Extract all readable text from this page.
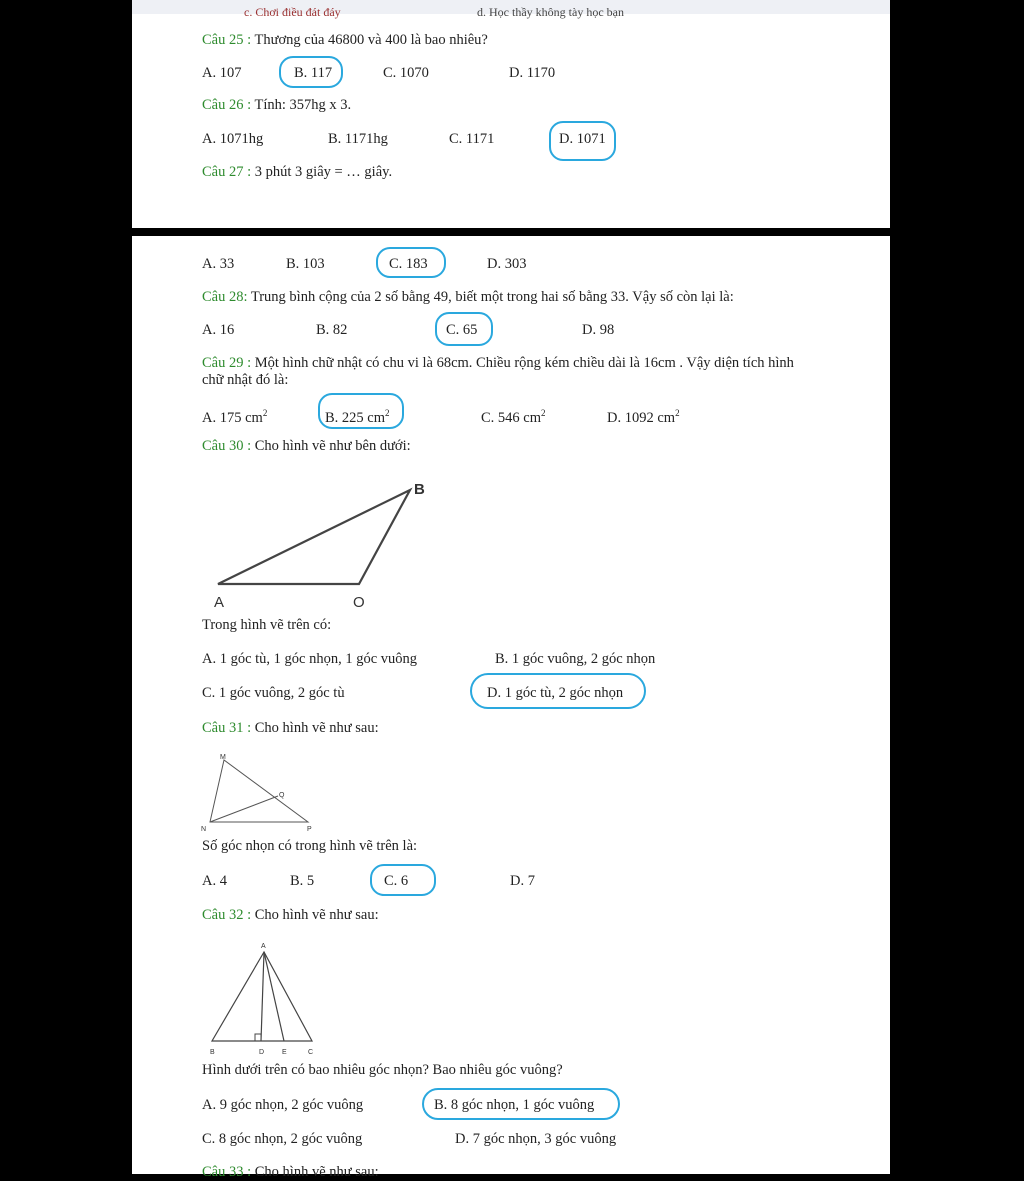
c. Chơi điều đát đáy	d. Học thầy không tày học bạn
Câu 25 : Thương của 46800 và 400 là bao nhiêu?
A. 107	B. 117	C. 1070	D. 1170
Câu 26 : Tính: 357hg x 3.
A. 1071hg	B. 1171hg	C. 1171	D. 1071
Câu 27 : 3 phút 3 giây = … giây.
A. 33	B. 103	C. 183	D. 303
Câu 28: Trung bình cộng của 2 số bằng 49, biết một trong hai số bằng 33. Vậy số còn lại là:
A. 16	B. 82	C. 65	D. 98
Câu 29 : Một hình chữ nhật có chu vi là 68cm. Chiều rộng kém chiều dài là 16cm . Vậy diện tích hình
chữ nhật đó là:
A. 175 $cm^2$	B. 225 $cm^2$	C. 546 $cm^2$	D. 1092 $cm^2$
Câu 30 : Cho hình vẽ như bên dưới:
A
B
O
Trong hình vẽ trên có:
A. 1 góc tù, 1 góc nhọn, 1 góc vuông	B. 1 góc vuông, 2 góc nhọn
C. 1 góc vuông, 2 góc tù	D. 1 góc tù, 2 góc nhọn
Câu 31 : Cho hình vẽ như sau:
M
N	P
Q
Số góc nhọn có trong hình vẽ trên là:
A. 4	B. 5	C. 6	D. 7
Câu 32 : Cho hình vẽ như sau:
A
B	D	E	C
Hình dưới trên có bao nhiêu góc nhọn? Bao nhiêu góc vuông?
A. 9 góc nhọn, 2 góc vuông	B. 8 góc nhọn, 1 góc vuông
C. 8 góc nhọn, 2 góc vuông	D. 7 góc nhọn, 3 góc vuông
Câu 33 : Cho hình vẽ như sau:
